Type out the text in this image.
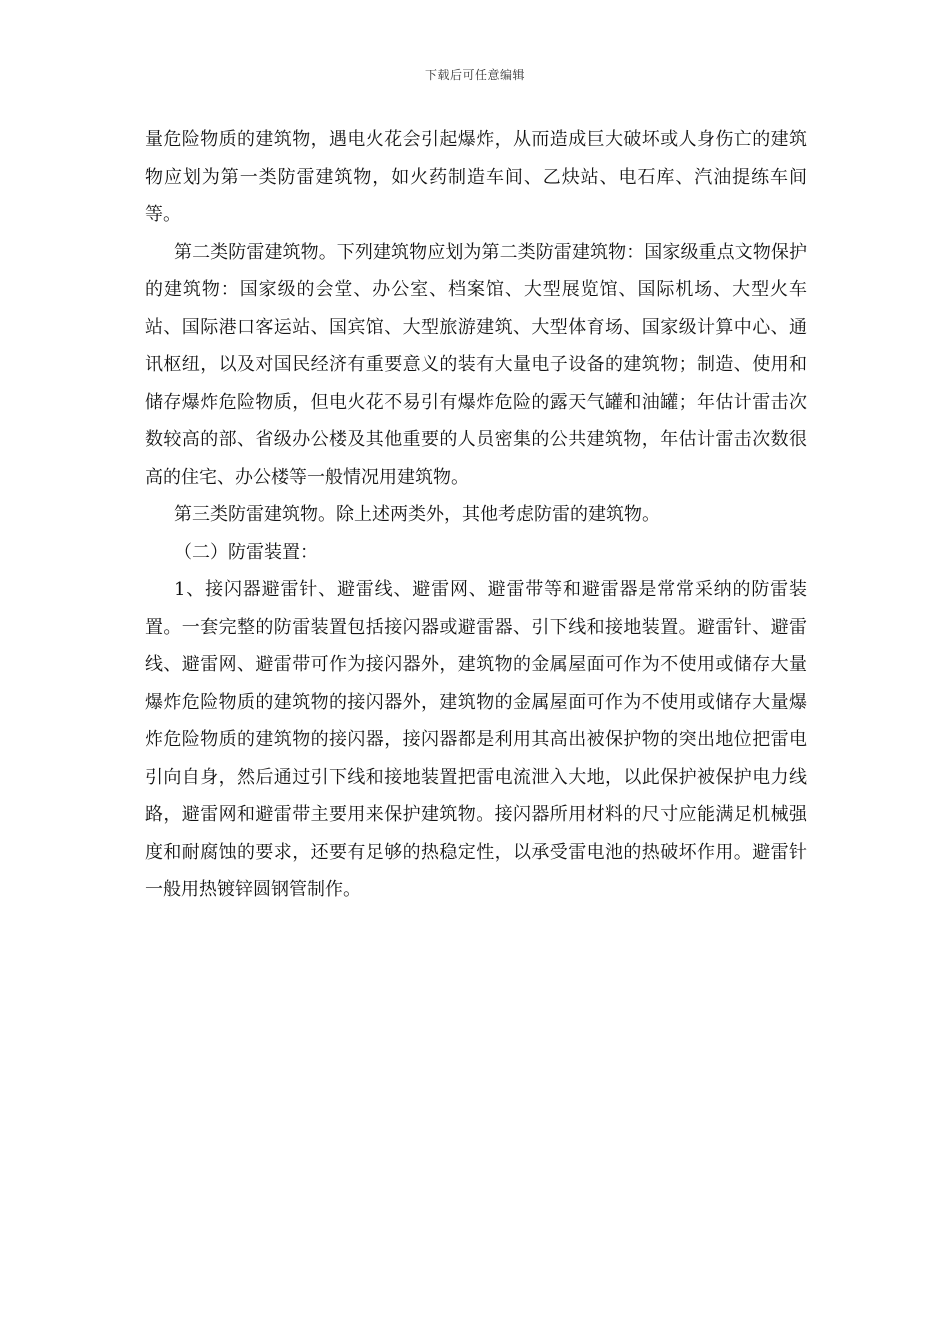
下载后可任意编辑

量危险物质的建筑物，遇电火花会引起爆炸，从而造成巨大破坏或人身伤亡的建筑物应划为第一类防雷建筑物，如火药制造车间、乙炔站、电石库、汽油提练车间等。

第二类防雷建筑物。下列建筑物应划为第二类防雷建筑物：国家级重点文物保护的建筑物：国家级的会堂、办公室、档案馆、大型展览馆、国际机场、大型火车站、国际港口客运站、国宾馆、大型旅游建筑、大型体育场、国家级计算中心、通讯枢纽，以及对国民经济有重要意义的装有大量电子设备的建筑物；制造、使用和储存爆炸危险物质，但电火花不易引有爆炸危险的露天气罐和油罐；年估计雷击次数较高的部、省级办公楼及其他重要的人员密集的公共建筑物，年估计雷击次数很高的住宅、办公楼等一般情况用建筑物。

第三类防雷建筑物。除上述两类外，其他考虑防雷的建筑物。

（二）防雷装置：

1、接闪器避雷针、避雷线、避雷网、避雷带等和避雷器是常常采纳的防雷装置。一套完整的防雷装置包括接闪器或避雷器、引下线和接地装置。避雷针、避雷线、避雷网、避雷带可作为接闪器外，建筑物的金属屋面可作为不使用或储存大量爆炸危险物质的建筑物的接闪器外，建筑物的金属屋面可作为不使用或储存大量爆炸危险物质的建筑物的接闪器，接闪器都是利用其高出被保护物的突出地位把雷电引向自身，然后通过引下线和接地装置把雷电流泄入大地，以此保护被保护电力线路，避雷网和避雷带主要用来保护建筑物。接闪器所用材料的尺寸应能满足机械强度和耐腐蚀的要求，还要有足够的热稳定性，以承受雷电池的热破坏作用。避雷针一般用热镀锌圆钢管制作。
